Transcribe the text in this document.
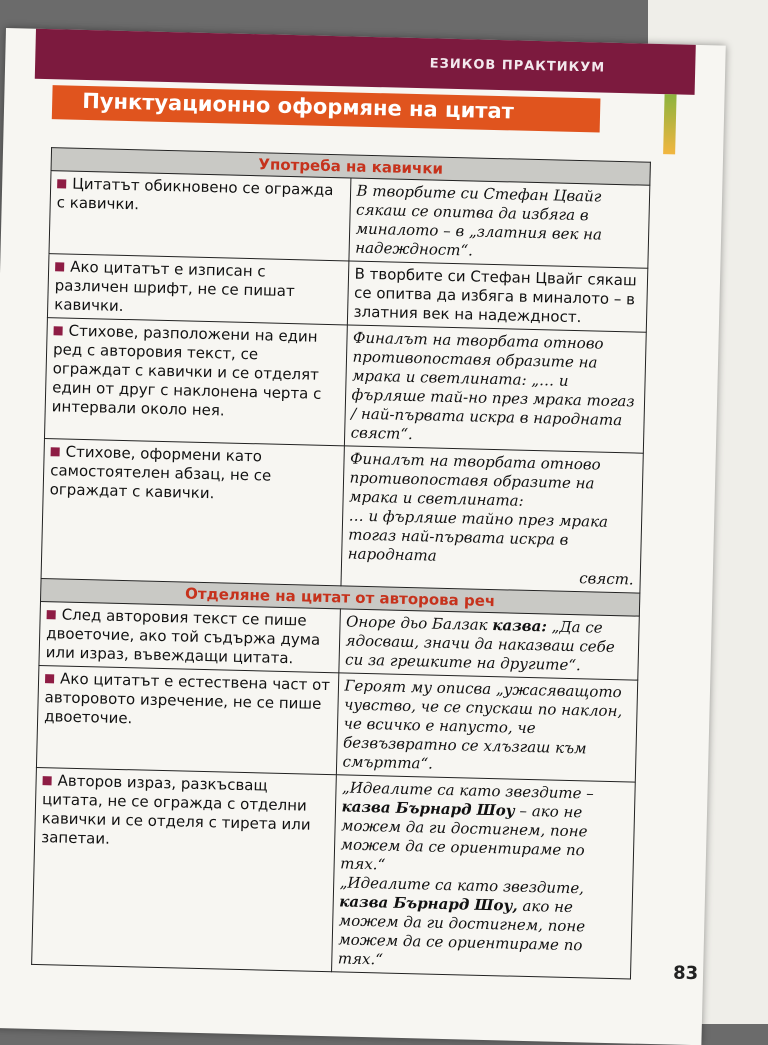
ЕЗИКОВ ПРАКТИКУМ
Пунктуационно оформяне на цитат
Употреба на кавички	
Цитатът обикновено се огражда с кавички.	В творбите си Стефан Цвайг сякаш се опитва да избяга в миналото – в „златния век на надеждност“.
Ако цитатът е изписан с различен шрифт, не се пишат кавички.	В творбите си Стефан Цвайг сякаш се опитва да избяга в миналото – в златния век на надеждност.
Стихове, разположени на един ред с авторовия текст, се ограждат с кавички и се отделят един от друг с наклонена черта с интервали около нея.	Финалът на творбата отново противопоставя образите на мрака и светлината: „… и фърляше тай-но през мрака тогаз / най-първата искра в народната свяст“.
Стихове, оформени като самостоятелен абзац, не се ограждат с кавички.	Финалът на творбата отново противопоставя образите на мрака и светлината:
… и фърляше тайно през мрака тогаз най-първата искра в народната
свяст.

Отделяне на цитат от авторова реч	
След авторовия текст се пише двоеточие, ако той съдържа дума или израз, въвеждащи цитата.	Оноре дьо Балзак казва: „Да се ядосваш, значи да наказваш себе си за грешките на другите“.
Ако цитатът е естествена част от авторовото изречение, не се пише двоеточие.	Героят му описва „ужасяващото чувство, че се спускаш по наклон, че всичко е напусто, че безвъзвратно се хлъзгаш към смъртта“.
Авторов израз, разкъсващ цитата, не се огражда с отделни кавички и се отделя с тирета или запетаи.	„Идеалите са като звездите – казва Бърнард Шоу – ако не можем да ги достигнем, поне можем да се ориентираме по тях.“
„Идеалите са като звездите, казва Бърнард Шоу, ако не можем да ги достигнем, поне можем да се ориентираме по тях.“
83
